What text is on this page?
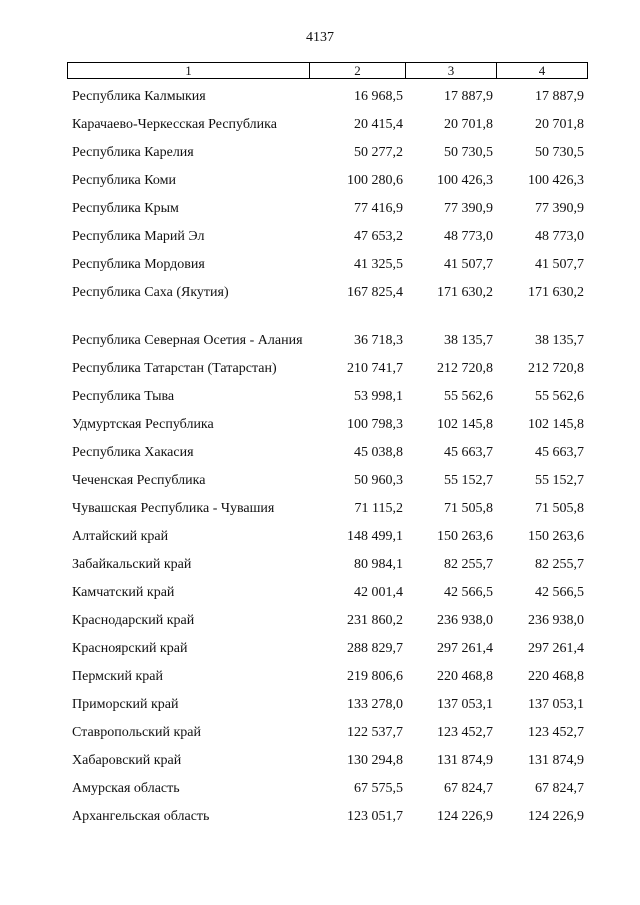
4137
1	2	3	4
Республика Калмыкия	16 968,5	17 887,9	17 887,9
Карачаево-Черкесская Республика	20 415,4	20 701,8	20 701,8
Республика Карелия	50 277,2	50 730,5	50 730,5
Республика Коми	100 280,6	100 426,3	100 426,3
Республика Крым	77 416,9	77 390,9	77 390,9
Республика Марий Эл	47 653,2	48 773,0	48 773,0
Республика Мордовия	41 325,5	41 507,7	41 507,7
Республика Саха (Якутия)	167 825,4	171 630,2	171 630,2
Республика Северная Осетия - Алания	36 718,3	38 135,7	38 135,7
Республика Татарстан (Татарстан)	210 741,7	212 720,8	212 720,8
Республика Тыва	53 998,1	55 562,6	55 562,6
Удмуртская Республика	100 798,3	102 145,8	102 145,8
Республика Хакасия	45 038,8	45 663,7	45 663,7
Чеченская Республика	50 960,3	55 152,7	55 152,7
Чувашская Республика - Чувашия	71 115,2	71 505,8	71 505,8
Алтайский край	148 499,1	150 263,6	150 263,6
Забайкальский край	80 984,1	82 255,7	82 255,7
Камчатский край	42 001,4	42 566,5	42 566,5
Краснодарский край	231 860,2	236 938,0	236 938,0
Красноярский край	288 829,7	297 261,4	297 261,4
Пермский край	219 806,6	220 468,8	220 468,8
Приморский край	133 278,0	137 053,1	137 053,1
Ставропольский край	122 537,7	123 452,7	123 452,7
Хабаровский край	130 294,8	131 874,9	131 874,9
Амурская область	67 575,5	67 824,7	67 824,7
Архангельская область	123 051,7	124 226,9	124 226,9
